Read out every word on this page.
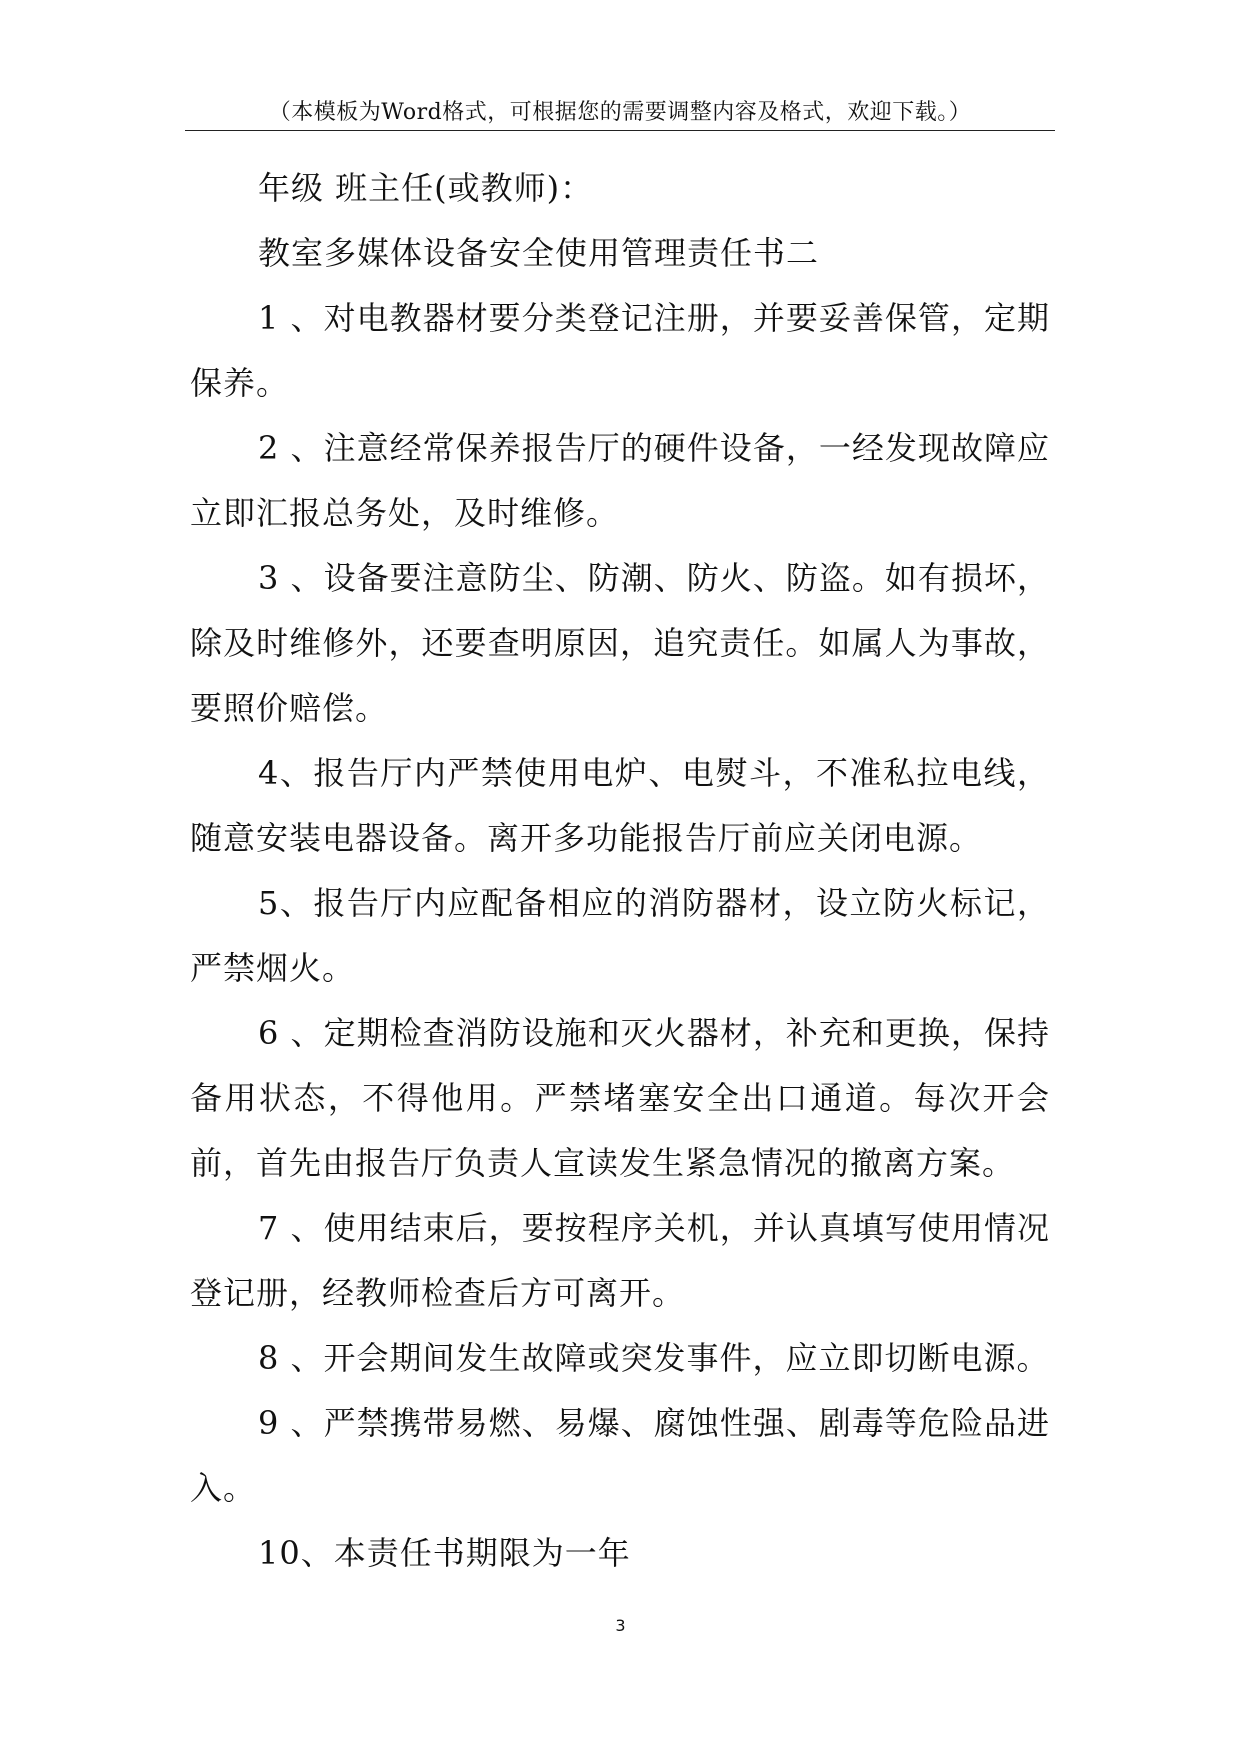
（本模板为Word格式，可根据您的需要调整内容及格式，欢迎下载。）

年级 班主任(或教师)：

教室多媒体设备安全使用管理责任书二

1 、对电教器材要分类登记注册，并要妥善保管，定期保养。

2 、注意经常保养报告厅的硬件设备，一经发现故障应立即汇报总务处，及时维修。

3 、设备要注意防尘、防潮、防火、防盗。如有损坏，除及时维修外，还要查明原因，追究责任。如属人为事故，要照价赔偿。

4、报告厅内严禁使用电炉、电熨斗，不准私拉电线，随意安装电器设备。离开多功能报告厅前应关闭电源。

5、报告厅内应配备相应的消防器材，设立防火标记，严禁烟火。

6 、定期检查消防设施和灭火器材，补充和更换，保持备用状态，不得他用。严禁堵塞安全出口通道。每次开会前，首先由报告厅负责人宣读发生紧急情况的撤离方案。

7 、使用结束后，要按程序关机，并认真填写使用情况登记册，经教师检查后方可离开。

8 、开会期间发生故障或突发事件，应立即切断电源。

9 、严禁携带易燃、易爆、腐蚀性强、剧毒等危险品进入。

10、本责任书期限为一年

3
